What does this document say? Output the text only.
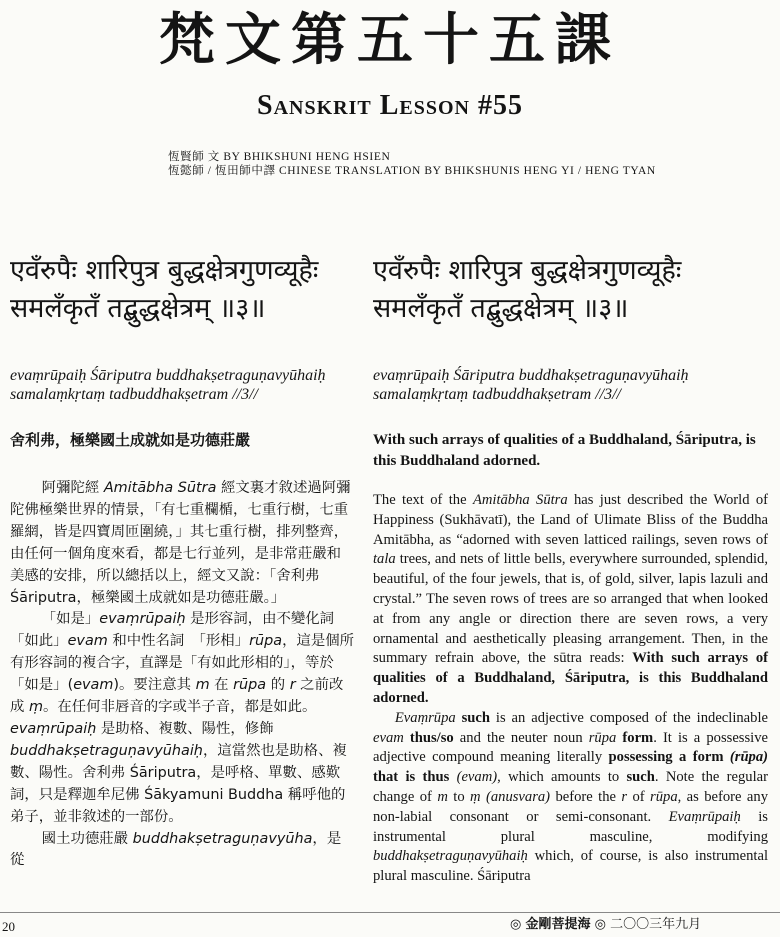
梵文第五十五課
Sanskrit Lesson #55
恆賢師 文 BY BHIKSHUNI HENG HSIEN
恆懿師 / 恆田師中譯 CHINESE TRANSLATION BY BHIKSHUNIS HENG YI / HENG TYAN
एवँरुपैः शारिपुत्र बुद्धक्षेत्रगुणव्यूहैः
समलँकृतँ तद्बुद्धक्षेत्रम् ॥३॥
एवँरुपैः शारिपुत्र बुद्धक्षेत्रगुणव्यूहैः
समलँकृतँ तद्बुद्धक्षेत्रम् ॥३॥
evaṃrūpaiḥ Śāriputra buddhakṣetraguṇavyūhaiḥ
samalaṃkṛtaṃ tadbuddhakṣetram //3//
evaṃrūpaiḥ Śāriputra buddhakṣetraguṇavyūhaiḥ
samalaṃkṛtaṃ tadbuddhakṣetram //3//
舍利弗，極樂國土成就如是功德莊嚴	With such arrays of qualities of a Buddhaland, Śāriputra, is this Buddhaland adorned.

阿彌陀經 Amitābha Sūtra 經文裏才敘述過阿彌陀佛極樂世界的情景，「有七重欄楯，七重行樹，七重羅網，皆是四寶周匝圍繞，」其七重行樹，排列整齊，由任何一個角度來看，都是七行並列，是非常莊嚴和美感的安排，所以總括以上，經文又說：「舍利弗 Śāriputra，極樂國土成就如是功德莊嚴。」

「如是」evaṃrūpaiḥ 是形容詞，由不變化詞「如此」evam 和中性名詞　「形相」rūpa，這是個所有形容詞的複合字，直譯是「有如此形相的」，等於「如是」(evam)。要注意其 m 在 rūpa 的 r 之前改成 ṃ。在任何非唇音的字或半子音，都是如此。evaṃrūpaiḥ 是助格、複數、陽性，修飾 buddhakṣetraguṇavyūhaiḥ，這當然也是助格、複數、陽性。舍利弗 Śāriputra，是呼格、單數、感歎詞，只是釋迦牟尼佛 Śākyamuni Buddha 稱呼他的弟子，並非敘述的一部份。

國土功德莊嚴 buddhakṣetraguṇavyūha，是從

The text of the Amitābha Sūtra has just described the World of Happiness (Sukhāvatī), the Land of Ulimate Bliss of the Buddha Amitābha, as “adorned with seven latticed railings, seven rows of tala trees, and nets of little bells, everywhere surrounded, splendid, beautiful, of the four jewels, that is, of gold, silver, lapis lazuli and crystal.” The seven rows of trees are so arranged that when looked at from any angle or direction there are seven rows, a very ornamental and aesthetically pleasing arrangement. Then, in the summary refrain above, the sūtra reads: With such arrays of qualities of a Buddhaland, Śāriputra, is this Buddhaland adorned.

Evaṃrūpa such is an adjective composed of the indeclinable evam thus/so and the neuter noun rūpa form. It is a possessive adjective compound meaning literally possessing a form (rūpa) that is thus (evam), which amounts to such. Note the regular change of m to ṃ (anusvara) before the r of rūpa, as before any non-labial consonant or semi-consonant. Evaṃrūpaiḥ is instrumental plural masculine, modifying buddhakṣetraguṇavyūhaiḥ which, of course, is also instrumental plural masculine. Śāriputra

20	◎ 金剛菩提海 ◎ 二〇〇三年九月
